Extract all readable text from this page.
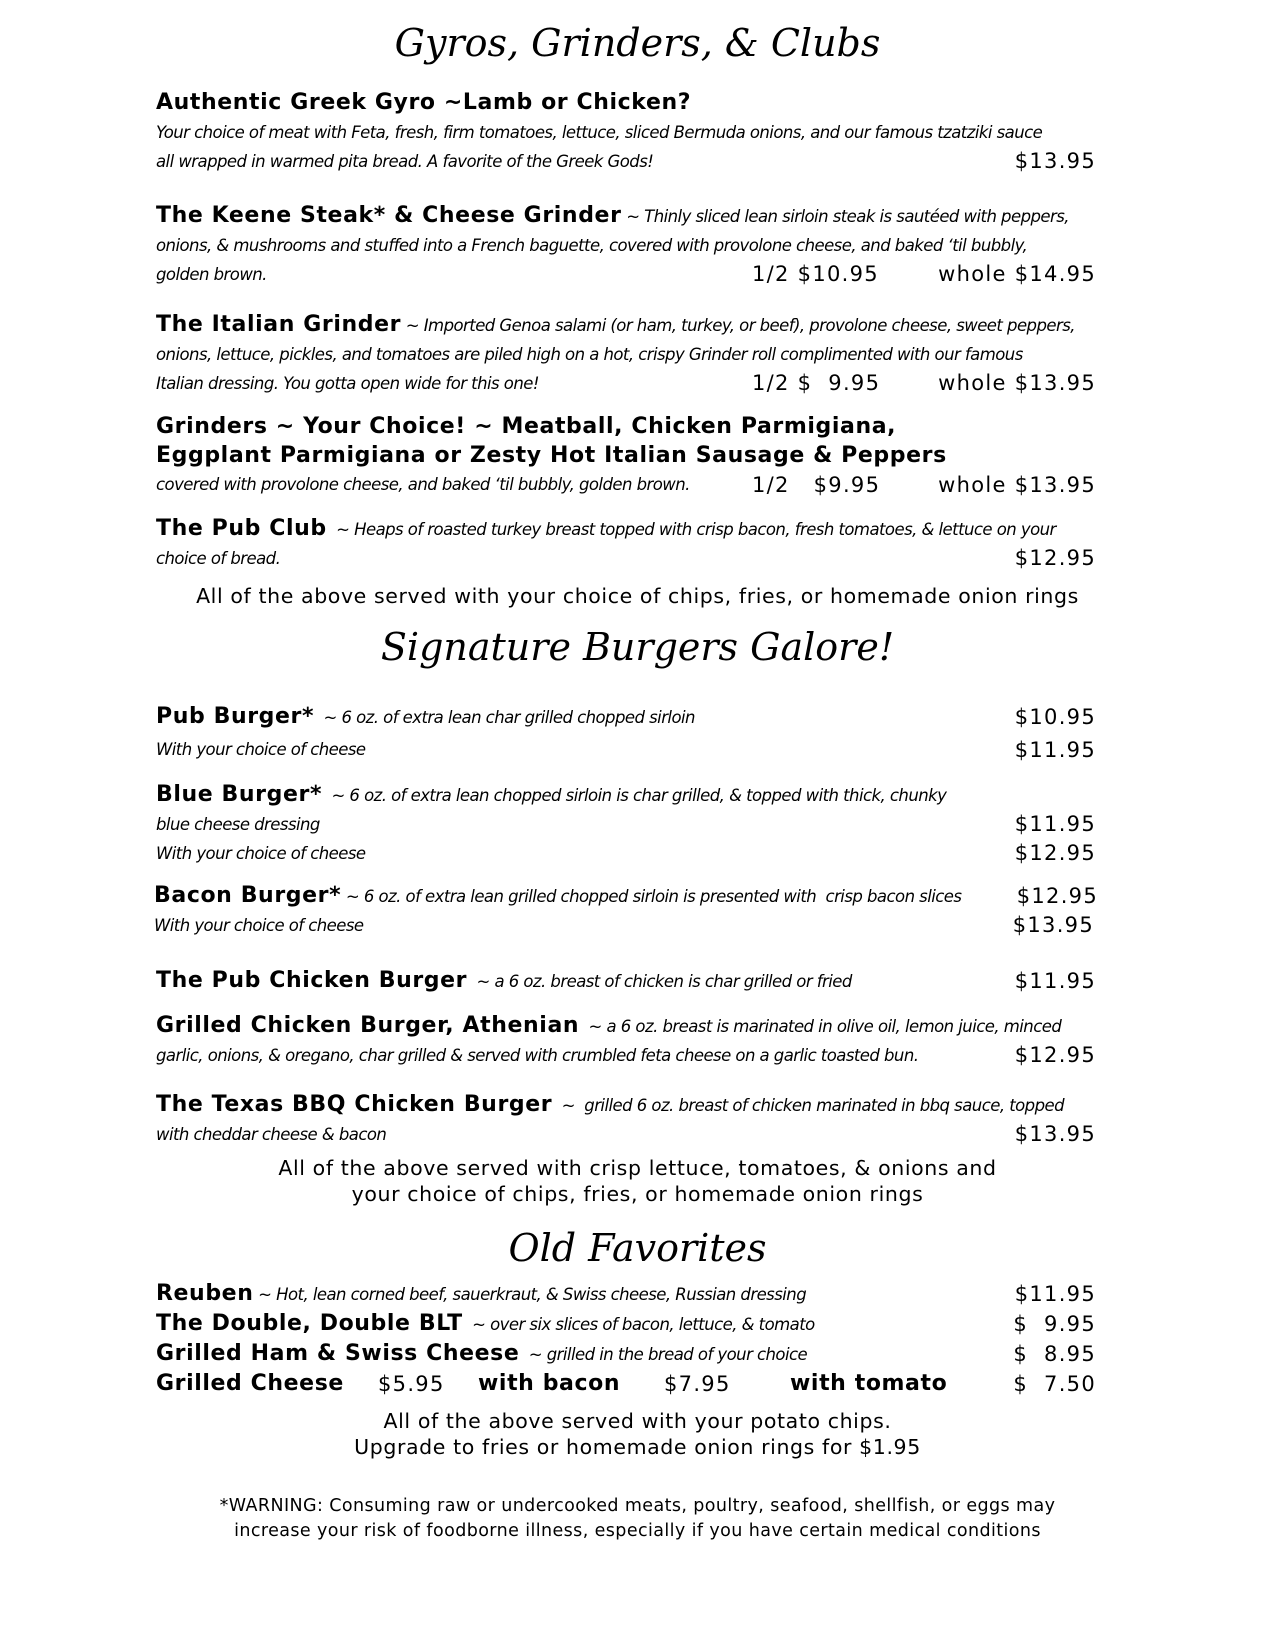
Gyros, Grinders, & Clubs
Authentic Greek Gyro ~Lamb or Chicken?
Your choice of meat with Feta, fresh, firm tomatoes, lettuce, sliced Bermuda onions, and our famous tzatziki sauce
all wrapped in warmed pita bread. A favorite of the Greek Gods!	$13.95
The Keene Steak* & Cheese Grinder ~ Thinly sliced lean sirloin steak is sautéed with peppers,
onions, & mushrooms and stuffed into a French baguette, covered with provolone cheese, and baked ‘til bubbly,
golden brown.	1/2 $10.95	whole $14.95
The Italian Grinder ~ Imported Genoa salami (or ham, turkey, or beef), provolone cheese, sweet peppers,
onions, lettuce, pickles, and tomatoes are piled high on a hot, crispy Grinder roll complimented with our famous
Italian dressing. You gotta open wide for this one!	1/2 $  9.95	whole $13.95
Grinders ~ Your Choice! ~ Meatball, Chicken Parmigiana,
Eggplant Parmigiana or Zesty Hot Italian Sausage & Peppers
covered with provolone cheese, and baked ‘til bubbly, golden brown.	1/2   $9.95	whole $13.95
The Pub Club  ~ Heaps of roasted turkey breast topped with crisp bacon, fresh tomatoes, & lettuce on your
choice of bread.	$12.95
All of the above served with your choice of chips, fries, or homemade onion rings
Signature Burgers Galore!
Pub Burger*  ~ 6 oz. of extra lean char grilled chopped sirloin	$10.95
With your choice of cheese	$11.95
Blue Burger*  ~ 6 oz. of extra lean chopped sirloin is char grilled, & topped with thick, chunky
blue cheese dressing	$11.95
With your choice of cheese	$12.95
Bacon Burger* ~ 6 oz. of extra lean grilled chopped sirloin is presented with  crisp bacon slices	$12.95
With your choice of cheese	$13.95
The Pub Chicken Burger  ~ a 6 oz. breast of chicken is char grilled or fried	$11.95
Grilled Chicken Burger, Athenian  ~ a 6 oz. breast is marinated in olive oil, lemon juice, minced
garlic, onions, & oregano, char grilled & served with crumbled feta cheese on a garlic toasted bun.	$12.95
The Texas BBQ Chicken Burger  ~  grilled 6 oz. breast of chicken marinated in bbq sauce, topped
with cheddar cheese & bacon	$13.95
All of the above served with crisp lettuce, tomatoes, & onions and
your choice of chips, fries, or homemade onion rings
Old Favorites
Reuben ~ Hot, lean corned beef, sauerkraut, & Swiss cheese, Russian dressing	$11.95
The Double, Double BLT  ~ over six slices of bacon, lettuce, & tomato	$  9.95
Grilled Ham & Swiss Cheese  ~ grilled in the bread of your choice	$  8.95
Grilled Cheese $5.95 with bacon $7.95	with tomato	$  7.50
All of the above served with your potato chips.
Upgrade to fries or homemade onion rings for $1.95
*WARNING: Consuming raw or undercooked meats, poultry, seafood, shellfish, or eggs may
increase your risk of foodborne illness, especially if you have certain medical conditions
